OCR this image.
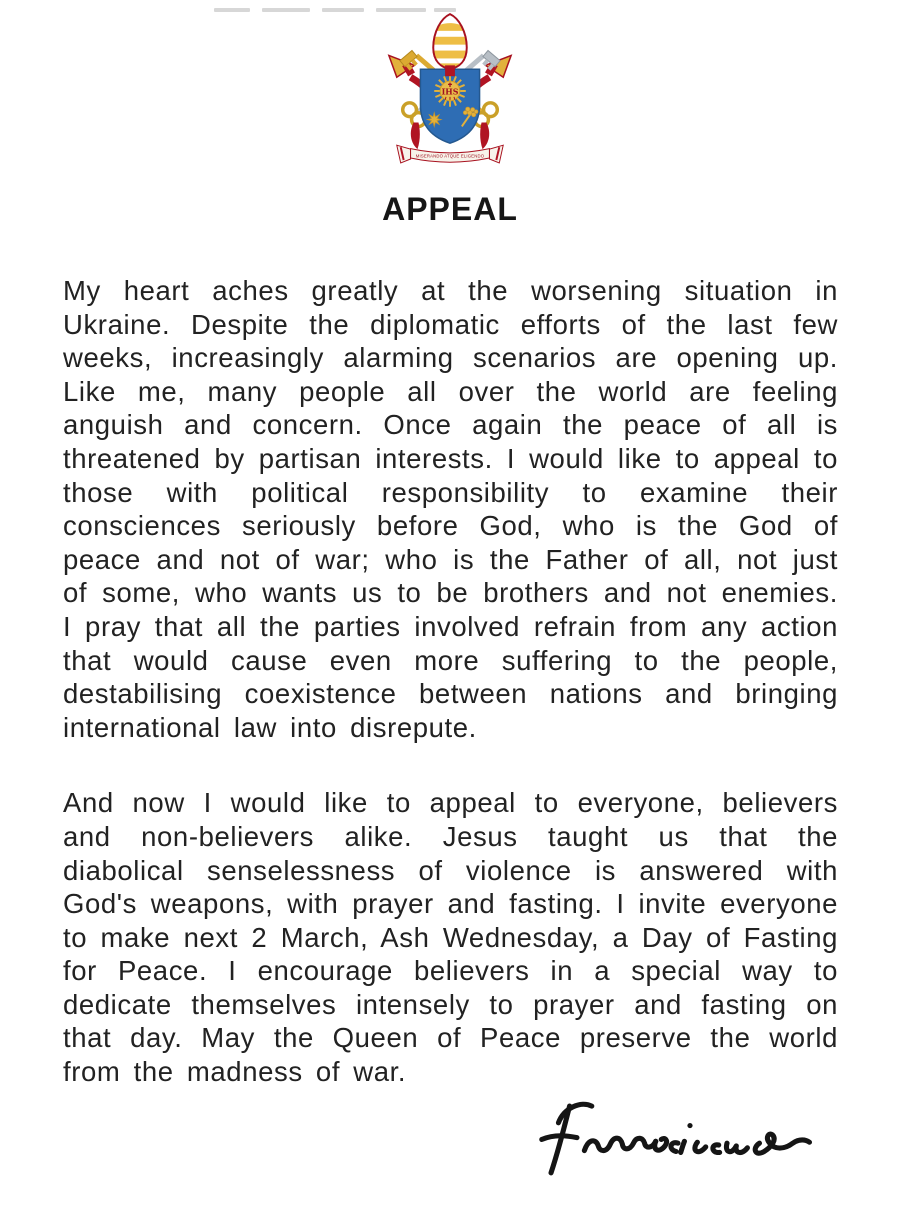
IHS
MISERANDO ATQUE ELIGENDO
APPEAL

My heart aches greatly at the worsening situation in Ukraine. Despite the diplomatic efforts of the last few weeks, increasingly alarming scenarios are opening up. Like me, many people all over the world are feeling anguish and concern. Once again the peace of all is threatened by partisan interests. I would like to appeal to those with political responsibility to examine their consciences seriously before God, who is the God of peace and not of war; who is the Father of all, not just of some, who wants us to be brothers and not enemies. I pray that all the parties involved refrain from any action that would cause even more suffering to the people, destabilising coexistence between nations and bringing international law into disrepute.

And now I would like to appeal to everyone, believers and non-believers alike. Jesus taught us that the diabolical senselessness of violence is answered with God's weapons, with prayer and fasting. I invite everyone to make next 2 March, Ash Wednesday, a Day of Fasting for Peace. I encourage believers in a special way to dedicate themselves intensely to prayer and fasting on that day. May the Queen of Peace preserve the world from the madness of war.
